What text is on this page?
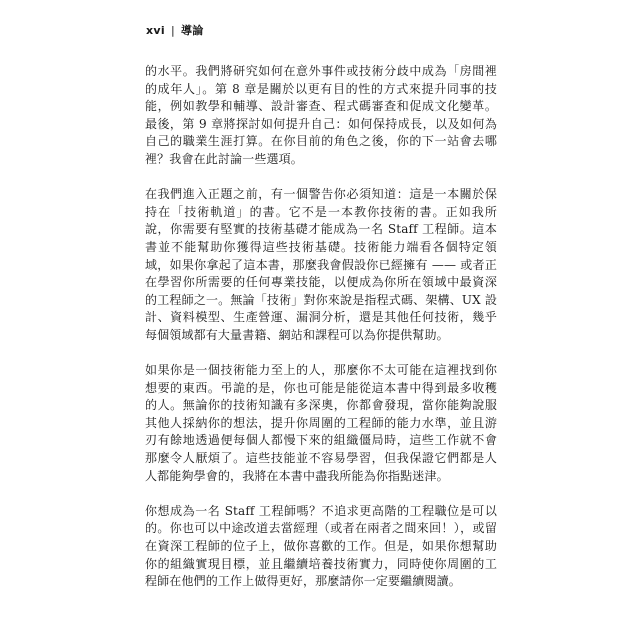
xvi | 導論

的水平。我們將研究如何在意外事件或技術分歧中成為「房間裡的成年人」。第 8 章是關於以更有目的性的方式來提升同事的技能，例如教學和輔導、設計審查、程式碼審查和促成文化變革。最後，第 9 章將探討如何提升自己：如何保持成長，以及如何為自己的職業生涯打算。在你目前的角色之後，你的下一站會去哪裡？我會在此討論一些選項。

在我們進入正題之前，有一個警告你必須知道：這是一本關於保持在「技術軌道」的書。它不是一本教你技術的書。正如我所說，你需要有堅實的技術基礎才能成為一名 Staff 工程師。這本書並不能幫助你獲得這些技術基礎。技術能力端看各個特定領域，如果你拿起了這本書，那麼我會假設你已經擁有 —— 或者正在學習你所需要的任何專業技能，以便成為你所在領域中最資深的工程師之一。無論「技術」對你來說是指程式碼、架構、UX 設計、資料模型、生產營運、漏洞分析，還是其他任何技術，幾乎每個領域都有大量書籍、網站和課程可以為你提供幫助。

如果你是一個技術能力至上的人，那麼你不太可能在這裡找到你想要的東西。弔詭的是，你也可能是能從這本書中得到最多收穫的人。無論你的技術知識有多深奧，你都會發現，當你能夠說服其他人採納你的想法，提升你周圍的工程師的能力水準，並且游刃有餘地透過便每個人都慢下來的組織僵局時，這些工作就不會那麼令人厭煩了。這些技能並不容易學習，但我保證它們都是人人都能夠學會的，我將在本書中盡我所能為你指點迷津。

你想成為一名 Staff 工程師嗎？不追求更高階的工程職位是可以的。你也可以中途改道去當經理（或者在兩者之間來回！），或留在資深工程師的位子上，做你喜歡的工作。但是，如果你想幫助你的組織實現目標，並且繼續培養技術實力，同時使你周圍的工程師在他們的工作上做得更好，那麼請你一定要繼續閱讀。
